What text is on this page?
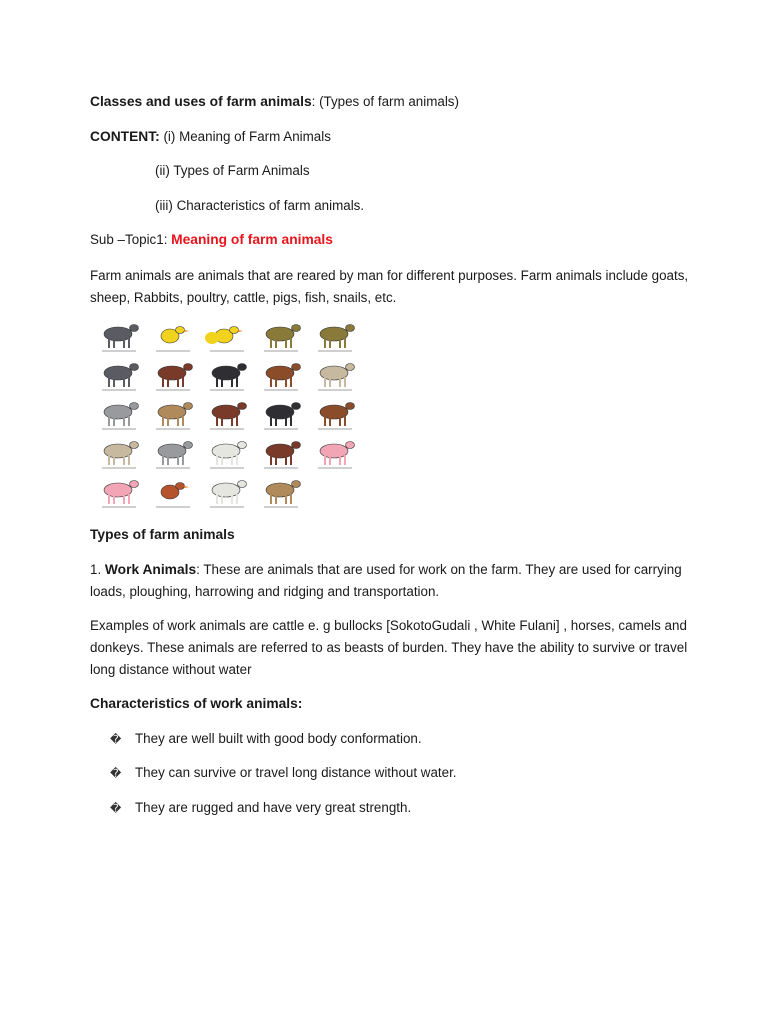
Classes and uses of farm animals: (Types of farm animals)
CONTENT: (i) Meaning of Farm Animals
(ii) Types of Farm Animals
(iii) Characteristics of farm animals.
Sub –Topic1: Meaning of farm animals
Farm animals are animals that are reared by man for different purposes. Farm animals include goats, sheep, Rabbits, poultry, cattle, pigs, fish, snails, etc.
Types of farm animals
1. Work Animals: These are animals that are used for work on the farm. They are used for carrying loads, ploughing, harrowing and ridging and transportation.
Examples of work animals are cattle e. g bullocks [SokotoGudali , White Fulani] , horses, camels and donkeys. These animals are referred to as beasts of burden. They have the ability to survive or travel long distance without water
Characteristics of work animals:
� They are well built with good body conformation.
� They can survive or travel long distance without water.
� They are rugged and have very great strength.
